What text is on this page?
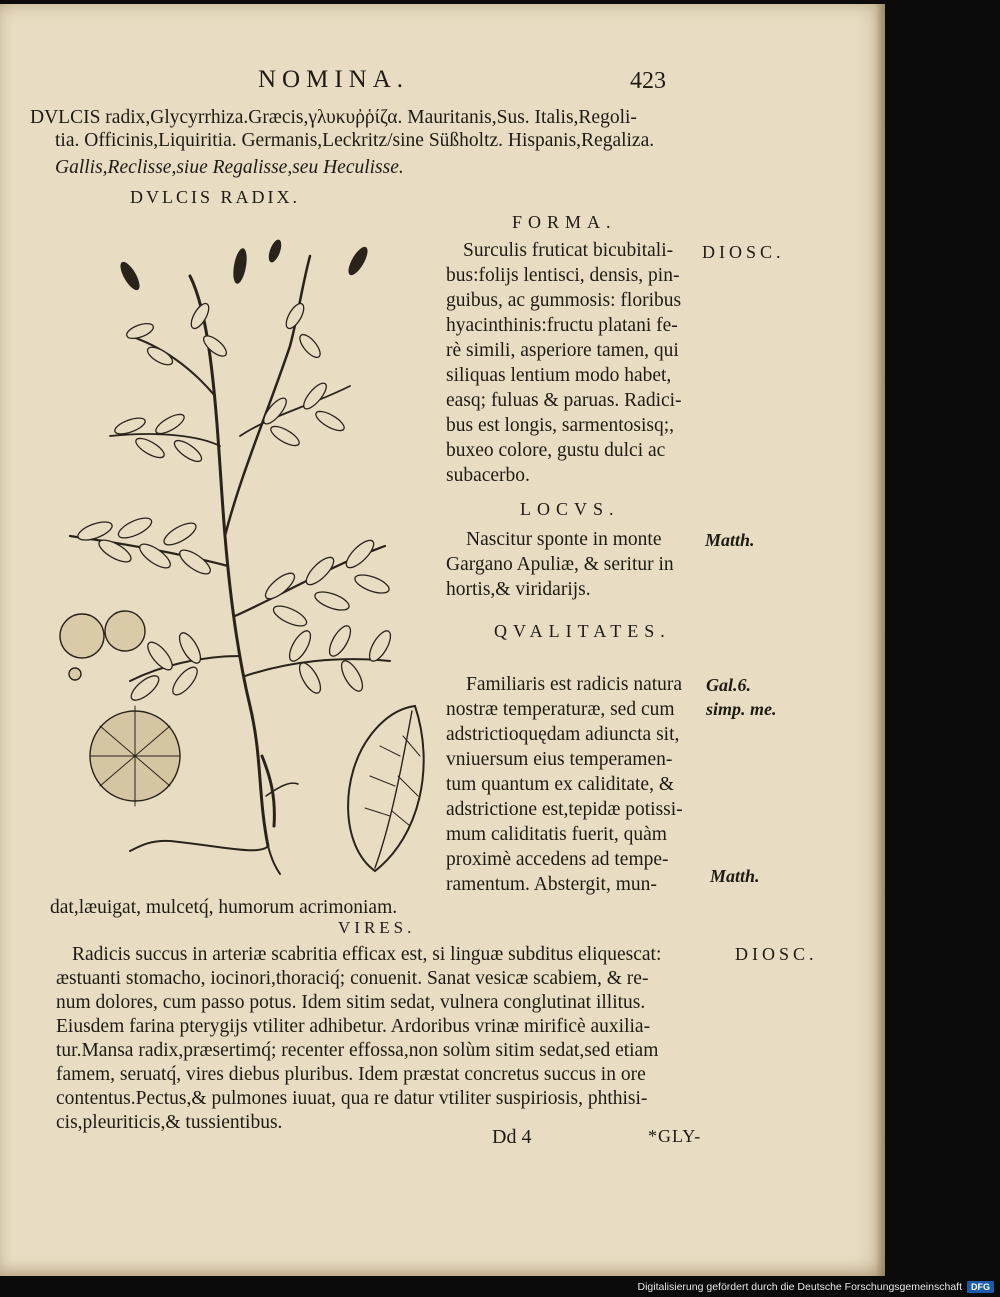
NOMINA.	423
DVLCIS radix,Glycyrrhiza.Græcis,γλυκυῤῥίζα. Mauritanis,Sus. Italis,Regoli-
tia. Officinis,Liquiritia. Germanis,Leckritz/sine Süßholtz. Hispanis,Regaliza.
Gallis,Reclisse,siue Regalisse,seu Heculisse.
DVLCIS RADIX.
FORMA.
Surculis fruticat bicubitali-
bus:folijs lentisci, densis, pin-
guibus, ac gummosis: floribus
hyacinthinis:fructu platani fe-
rè simili, asperiore tamen, qui
siliquas lentium modo habet,
easq; fuluas & paruas. Radici-
bus est longis, sarmentosisq;,
buxeo colore, gustu dulci ac
subacerbo.
DIOSC.
LOCVS.
Nascitur sponte in monte
Gargano Apuliæ, & seritur in
hortis,& viridarijs.
Matth.
QVALITATES.
Familiaris est radicis natura
nostræ temperaturæ, sed cum
adstrictioquędam adiuncta sit,
vniuersum eius temperamen-
tum quantum ex caliditate, &
adstrictione est,tepidæ potissi-
mum caliditatis fuerit, quàm
proximè accedens ad tempe-
ramentum. Abstergit, mun-
Gal.6.
simp. me.
Matth.
dat,læuigat, mulcetq́, humorum acrimoniam.
VIRES.
Radicis succus in arteriæ scabritia efficax est, si linguæ subditus eliquescat:
æstuanti stomacho, iocinori,thoraciq́; conuenit. Sanat vesicæ scabiem, & re-
num dolores, cum passo potus. Idem sitim sedat, vulnera conglutinat illitus.
Eiusdem farina pterygijs vtiliter adhibetur. Ardoribus vrinæ mirificè auxilia-
tur.Mansa radix,præsertimq́; recenter effossa,non solùm sitim sedat,sed etiam
famem, seruatq́, vires diebus pluribus. Idem præstat concretus succus in ore
contentus.Pectus,& pulmones iuuat, qua re datur vtiliter suspiriosis, phthisi-
cis,pleuriticis,& tussientibus.
DIOSC.
Dd 4	*GLY-
Digitalisierung gefördert durch die Deutsche Forschungsgemeinschaft	DFG
